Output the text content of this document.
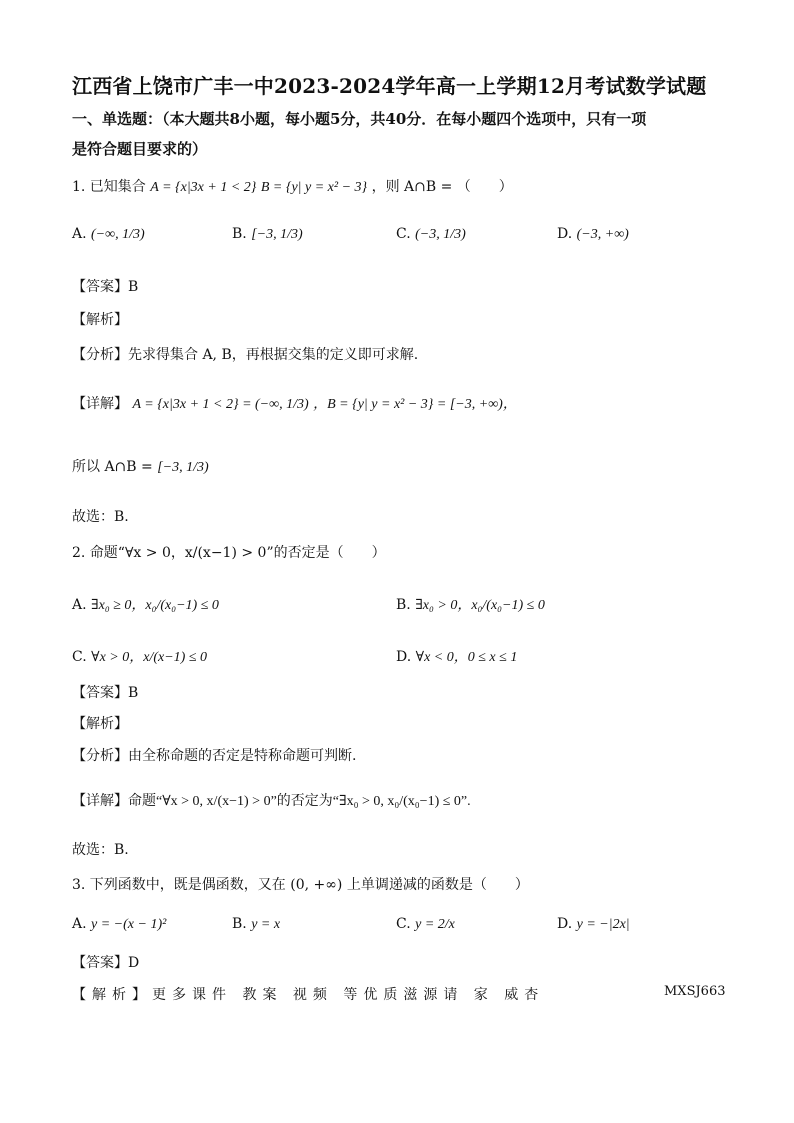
江西省上饶市广丰一中2023-2024学年高一上学期12月考试数学试题
一、单选题：（本大题共8小题，每小题5分，共40分．在每小题四个选项中，只有一项
是符合题目要求的）
1. 已知集合 A = {x|3x + 1 < 2} B = {y| y = x² − 3} ，则 A∩B = （　　）
A. (−∞, 1/3)	B. [−3, 1/3)	C. (−3, 1/3)	D. (−3, +∞)
【答案】B
【解析】
【分析】先求得集合 A, B，再根据交集的定义即可求解.
【详解】 A = {x|3x + 1 < 2} = (−∞, 1/3) ，B = {y| y = x² − 3} = [−3, +∞)，
所以 A∩B = [−3, 1/3)
故选：B.
2. 命题“∀x > 0，x/(x−1) > 0”的否定是（　　）
A. ∃x₀ ≥ 0，x₀/(x₀−1) ≤ 0	B. ∃x₀ > 0，x₀/(x₀−1) ≤ 0
C. ∀x > 0，x/(x−1) ≤ 0	D. ∀x < 0，0 ≤ x ≤ 1
【答案】B
【解析】
【分析】由全称命题的否定是特称命题可判断.
【详解】命题“∀x > 0, x/(x−1) > 0”的否定为“∃x₀ > 0, x₀/(x₀−1) ≤ 0”.
故选：B.
3. 下列函数中，既是偶函数，又在 (0, +∞) 上单调递减的函数是（　　）
A. y = −(x − 1)²	B. y = x	C. y = 2/x	D. y = −|2x|
【答案】D
【解析】更多课件 教案 视频 等优质滋源请 家 威杏	MXSJ663
